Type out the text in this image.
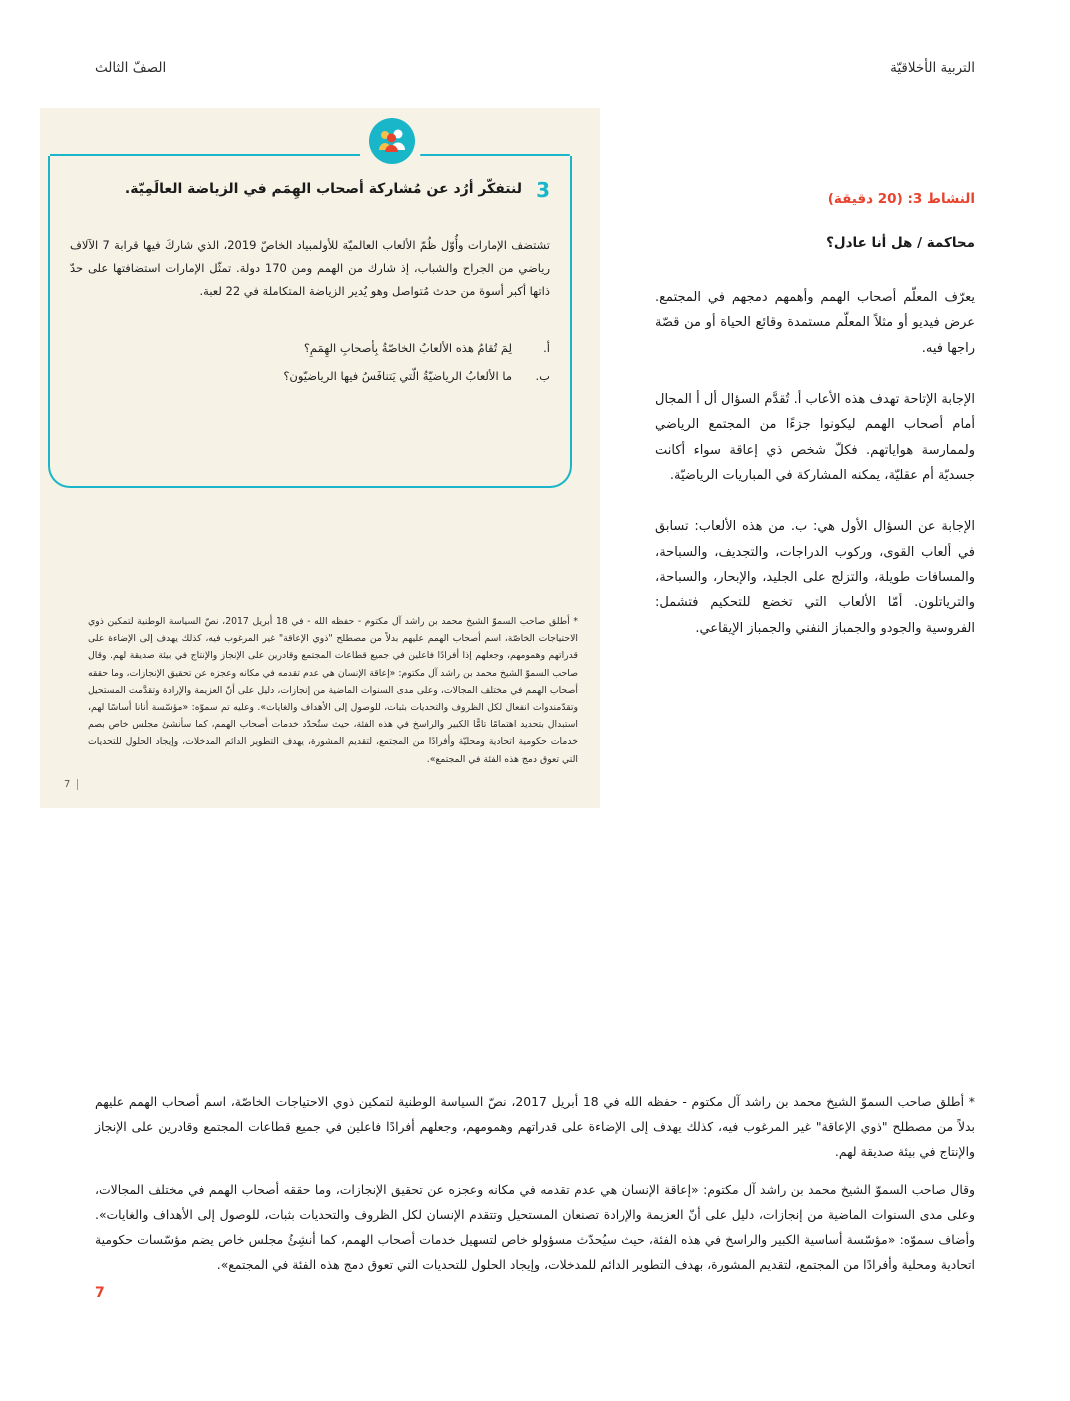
التربية الأخلاقيّة
الصفّ الثالث
النشاط 3: (20 دقيقة)
محاكمة / هل أنا عادل؟

يعرّف المعلّم أصحاب الهمم وأهمهم دمجهم في المجتمع. عرض فيديو أو مثلاً المعلّم مستمدة وقائع الحياة أو من قصّة راجها فيه.

الإجابة الإتاحة تهدف هذه الأعاب أ. تُقدَّم السؤال أل أ المجال أمام أصحاب الهمم ليكونوا جزءًا من المجتمع الرياضي ولممارسة هواياتهم. فكلّ شخص ذي إعاقة سواء أكانت جسديّة أم عقليّة، يمكنه المشاركة في المباريات الرياضيّة.

الإجابة عن السؤال الأول هي: ب. من هذه الألعاب: تسابق في ألعاب القوى، وركوب الدراجات، والتجديف، والسباحة، والمسافات طويلة، والتزلج على الجليد، والإبحار، والسباحة، والترياتلون. أمّا الألعاب التي تخضع للتحكيم فتشمل: الفروسية والجودو والجمباز النفني والجمباز الإيقاعي.

3
لنتفكّر أرُد عن مُشاركة أصحاب الهِمَم في الزياضة العالَمِيّة.
تشتضف الإمارات وأُوّل ظُمّ الألعاب العالميّة للأولمبياد الخاصّ 2019، الذي شاركَ فيها قرابة 7 الآلاف رياضي من الجراح والشباب، إذ شارك من الهمم ومن 170 دولة. تمثّل الإمارات استضافتها على حدّ ذاتها أكبر أسوة من حدث مُتواصل وهو يُدير الزياضة المتكاملة في 22 لعبة.
أ.
لِمَ تُقامُ هذه الألعابُ الخاصّةُ بِأصحابِ الهِمَمِ؟
ب.
ما الألعابُ الرياضيّةُ الّتي يَتنافَسُ فيها الرياضيّون؟
* أطلق صاحب السموّ الشيخ محمد بن راشد آل مكتوم - حفظه الله - في 18 أبريل 2017، نصّ السياسة الوطنية لتمكين ذوي الاحتياجات الخاصّة، اسم أصحاب الهمم عليهم بدلاً من مصطلح "ذوي الإعاقة" غير المرغوب فيه، كذلك يهدف إلى الإضاءة على قدراتهم وهمومهم، وجعلهم إذا أفرادًا فاعلين في جميع قطاعات المجتمع وقادرين على الإنجاز والإنتاج في بيئة صديقة لهم. وقال صاحب السموّ الشيخ محمد بن راشد آل مكتوم: «إعاقة الإنسان هي عدم تقدمه في مكانه وعجزه عن تحقيق الإنجازات، وما حققه أصحاب الهمم في مختلف المجالات، وعلى مدى السنوات الماضية من إنجازات، دليل على أنّ العزيمة والإرادة وتقدَّمت المستحيل وتقدّمندوات انفعال لكل الظروف والتحديات بثبات، للوصول إلى الأهداف والغايات». وعليه تم سموّه: «مؤسّسة أنانا أساسًا لهم، استبدال بتحديد اهتمامًا تامًّا الكبير والراسخ في هذه الفئة، حيث ستُحدّد خدمات أصحاب الهمم، كما سأنشئ مجلس خاص بصم خدمات حكومية اتحادية ومحليّة وأفرادًا من المجتمع، لتقديم المشورة، يهدف التطوير الدائم المدخلات، وإيجاد الحلول للتحديات التي تعوق دمج هذه الفئة في المجتمع».
7

* أطلق صاحب السموّ الشيخ محمد بن راشد آل مكتوم - حفظه الله في 18 أبريل 2017، نصّ السياسة الوطنية لتمكين ذوي الاحتياجات الخاصّة، اسم أصحاب الهمم عليهم بدلاً من مصطلح "ذوي الإعاقة" غير المرغوب فيه، كذلك يهدف إلى الإضاءة على قدراتهم وهمومهم، وجعلهم أفرادًا فاعلين في جميع قطاعات المجتمع وقادرين على الإنجاز والإنتاج في بيئة صديقة لهم.

وقال صاحب السموّ الشيخ محمد بن راشد آل مكتوم: «إعاقة الإنسان هي عدم تقدمه في مكانه وعجزه عن تحقيق الإنجازات، وما حققه أصحاب الهمم في مختلف المجالات، وعلى مدى السنوات الماضية من إنجازات، دليل على أنّ العزيمة والإرادة تصنعان المستحيل وتتقدم الإنسان لكل الظروف والتحديات بثبات، للوصول إلى الأهداف والغايات». وأضاف سموّه: «مؤسّسة أساسية الكبير والراسخ في هذه الفئة، حيث سيُحدّث مسؤولو خاص لتسهيل خدمات أصحاب الهمم، كما أنشِئُ مجلس خاص يضم مؤسّسات حكومية اتحادية ومحلية وأفرادًا من المجتمع، لتقديم المشورة، بهدف التطوير الدائم للمدخلات، وإيجاد الحلول للتحديات التي تعوق دمج هذه الفئة في المجتمع».

7
